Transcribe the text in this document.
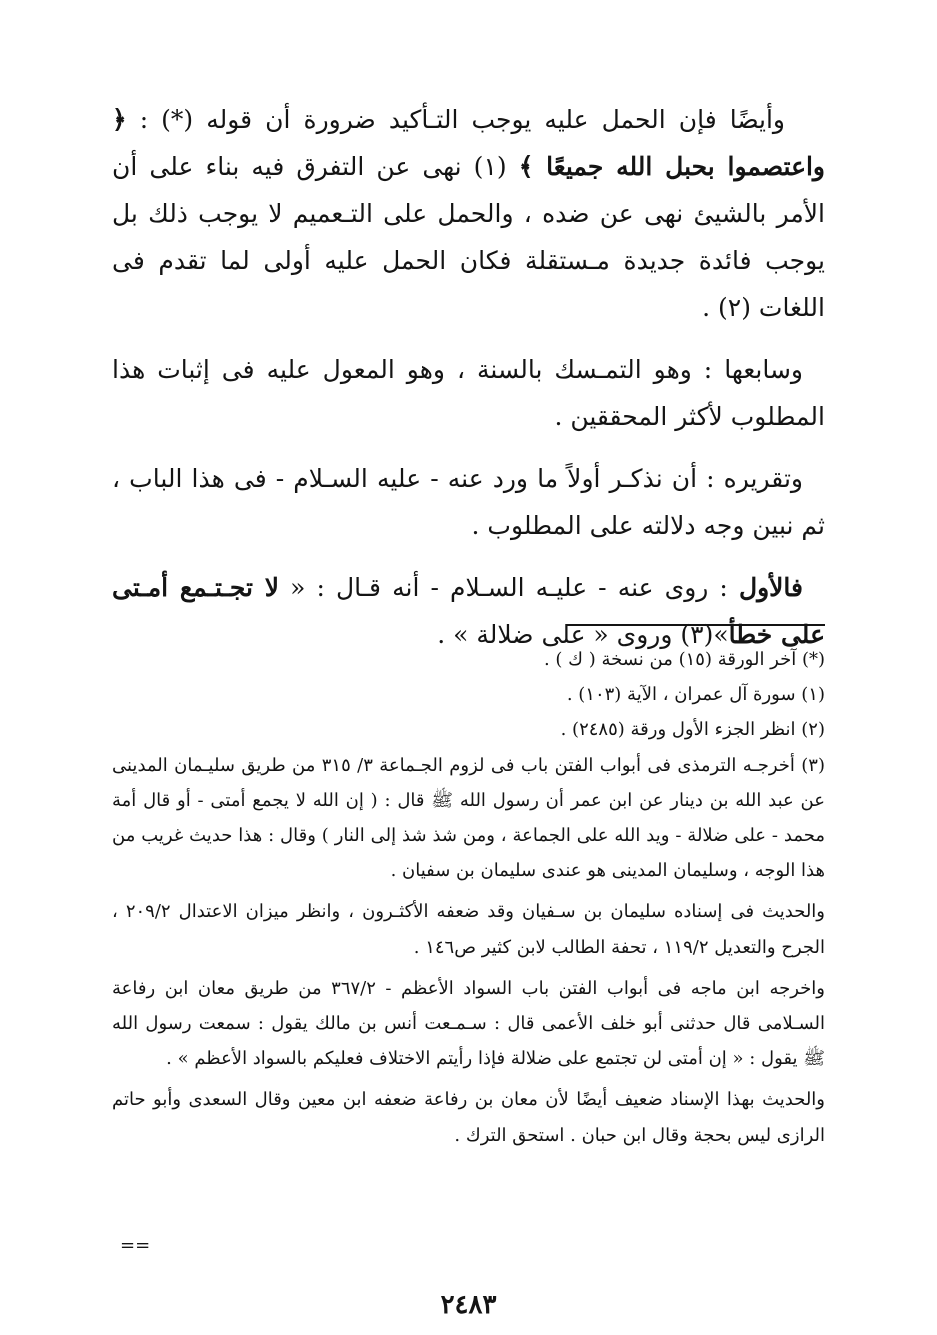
وأيضًا فإن الحمل عليه يوجب التـأكيد ضرورة أن قوله (*) : ﴿ واعتصموا بحبل الله جميعًا ﴾ (١) نهى عن التفرق فيه بناء على أن الأمر بالشيئ نهى عن ضده ، والحمل على التـعميم لا يوجب ذلك بل يوجب فائدة جديدة مـستقلة فكان الحمل عليه أولى لما تقدم فى اللغات (٢) .

وسابعها : وهو التمـسك بالسنة ، وهو المعول عليه فى إثبات هذا المطلوب لأكثر المحققين .

وتقريره : أن نذكـر أولاً ما ورد عنه - عليه السـلام - فى هذا الباب ، ثم نبين وجه دلالته على المطلوب .

فالأول : روى عنه - عليـه السـلام - أنه قـال : « لا تجـتـمع أمـتى على خطأ»(٣) وروى « على ضلالة » .

(*) آخر الورقة (١٥) من نسخة ( ك ) .

(١) سورة آل عمران ، الآية (١٠٣) .

(٢) انظر الجزء الأول ورقة (٢٤٨٥) .

(٣) أخرجـه الترمذى فى أبواب الفتن باب فى لزوم الجـماعة ٣/ ٣١٥ من طريق سليـمان المدينى عن عبد الله بن دينار عن ابن عمر أن رسول الله ﷺ قال : ( إن الله لا يجمع أمتى - أو قال أمة محمد - على ضلالة - ويد الله على الجماعة ، ومن شذ شذ إلى النار ) وقال : هذا حديث غريب من هذا الوجه ، وسليمان المدينى هو عندى سليمان بن سفيان .

والحديث فى إسناده سليمان بن سـفيان وقد ضعفه الأكثـرون ، وانظر ميزان الاعتدال ٢٠٩/٢ ، الجرح والتعديل ١١٩/٢ ، تحفة الطالب لابن كثير ص١٤٦ .

واخرجه ابن ماجه فى أبواب الفتن باب السواد الأعظم - ٣٦٧/٢ من طريق معان ابن رفاعة السـلامى قال حدثنى أبو خلف الأعمى قال : سـمـعت أنس بن مالك يقول : سمعت رسول الله ﷺ يقول : « إن أمتى لن تجتمع على ضلالة فإذا رأيتم الاختلاف فعليكم بالسواد الأعظم » .

والحديث بهذا الإسناد ضعيف أيضًا لأن معان بن رفاعة ضعفه ابن معين وقال السعدى وأبو حاتم الرازى ليس بحجة وقال ابن حبان . استحق الترك .

==
٢٤٨٣
